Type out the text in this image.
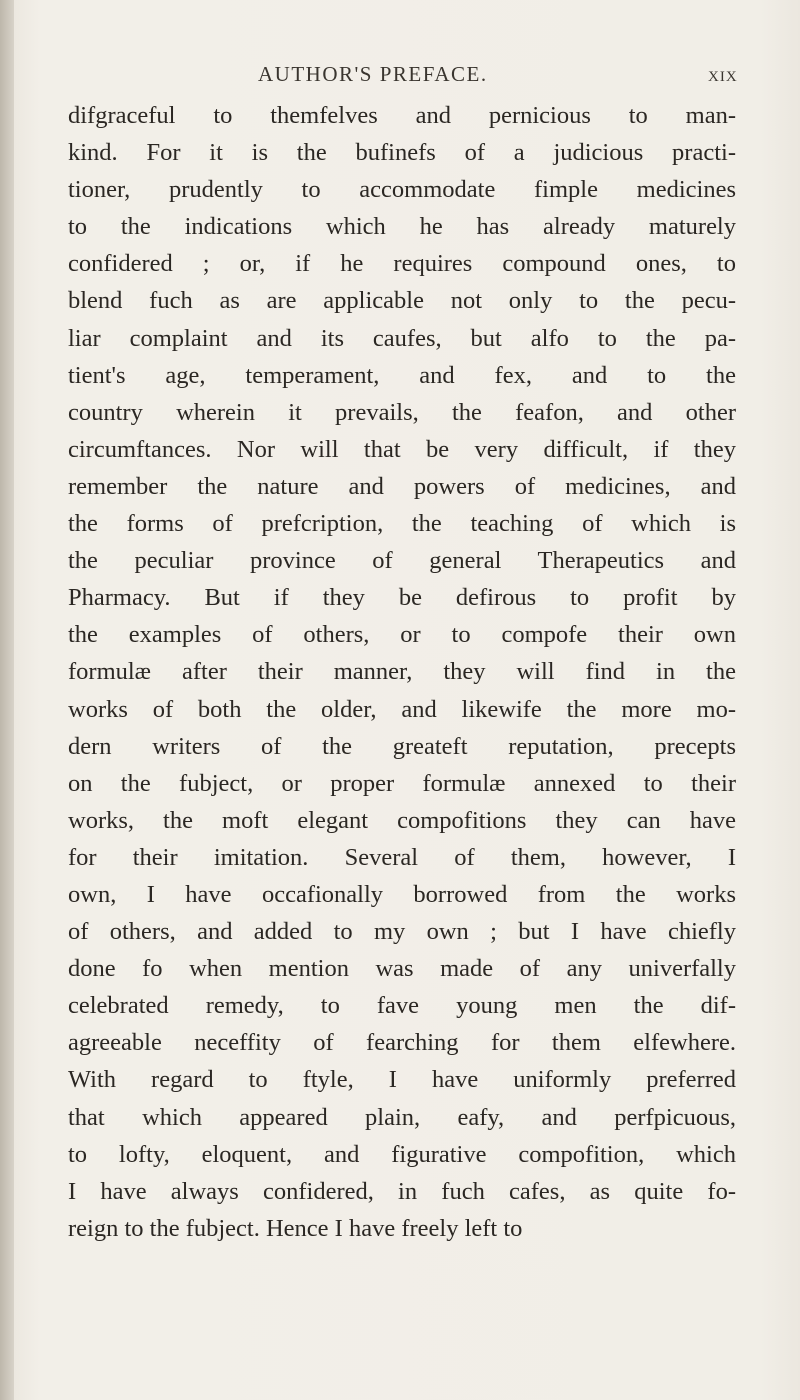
AUTHOR'S PREFACE.	xix
difgraceful to themfelves and pernicious to man-
kind. For it is the bufinefs of a judicious practi-
tioner, prudently to accommodate fimple medicines
to the indications which he has already maturely
confidered ; or, if he requires compound ones, to
blend fuch as are applicable not only to the pecu-
liar complaint and its caufes, but alfo to the pa-
tient's age, temperament, and fex, and to the
country wherein it prevails, the feafon, and other
circumftances. Nor will that be very difficult, if they
remember the nature and powers of medicines, and
the forms of prefcription, the teaching of which is
the peculiar province of general Therapeutics and
Pharmacy. But if they be defirous to profit by
the examples of others, or to compofe their own
formulæ after their manner, they will find in the
works of both the older, and likewife the more mo-
dern writers of the greateft reputation, precepts
on the fubject, or proper formulæ annexed to their
works, the moft elegant compofitions they can have
for their imitation. Several of them, however, I
own, I have occafionally borrowed from the works
of others, and added to my own ; but I have chiefly
done fo when mention was made of any univerfally
celebrated remedy, to fave young men the dif-
agreeable neceffity of fearching for them elfewhere.
With regard to ftyle, I have uniformly preferred
that which appeared plain, eafy, and perfpicuous,
to lofty, eloquent, and figurative compofition, which
I have always confidered, in fuch cafes, as quite fo-
reign to the fubject. Hence I have freely left to
